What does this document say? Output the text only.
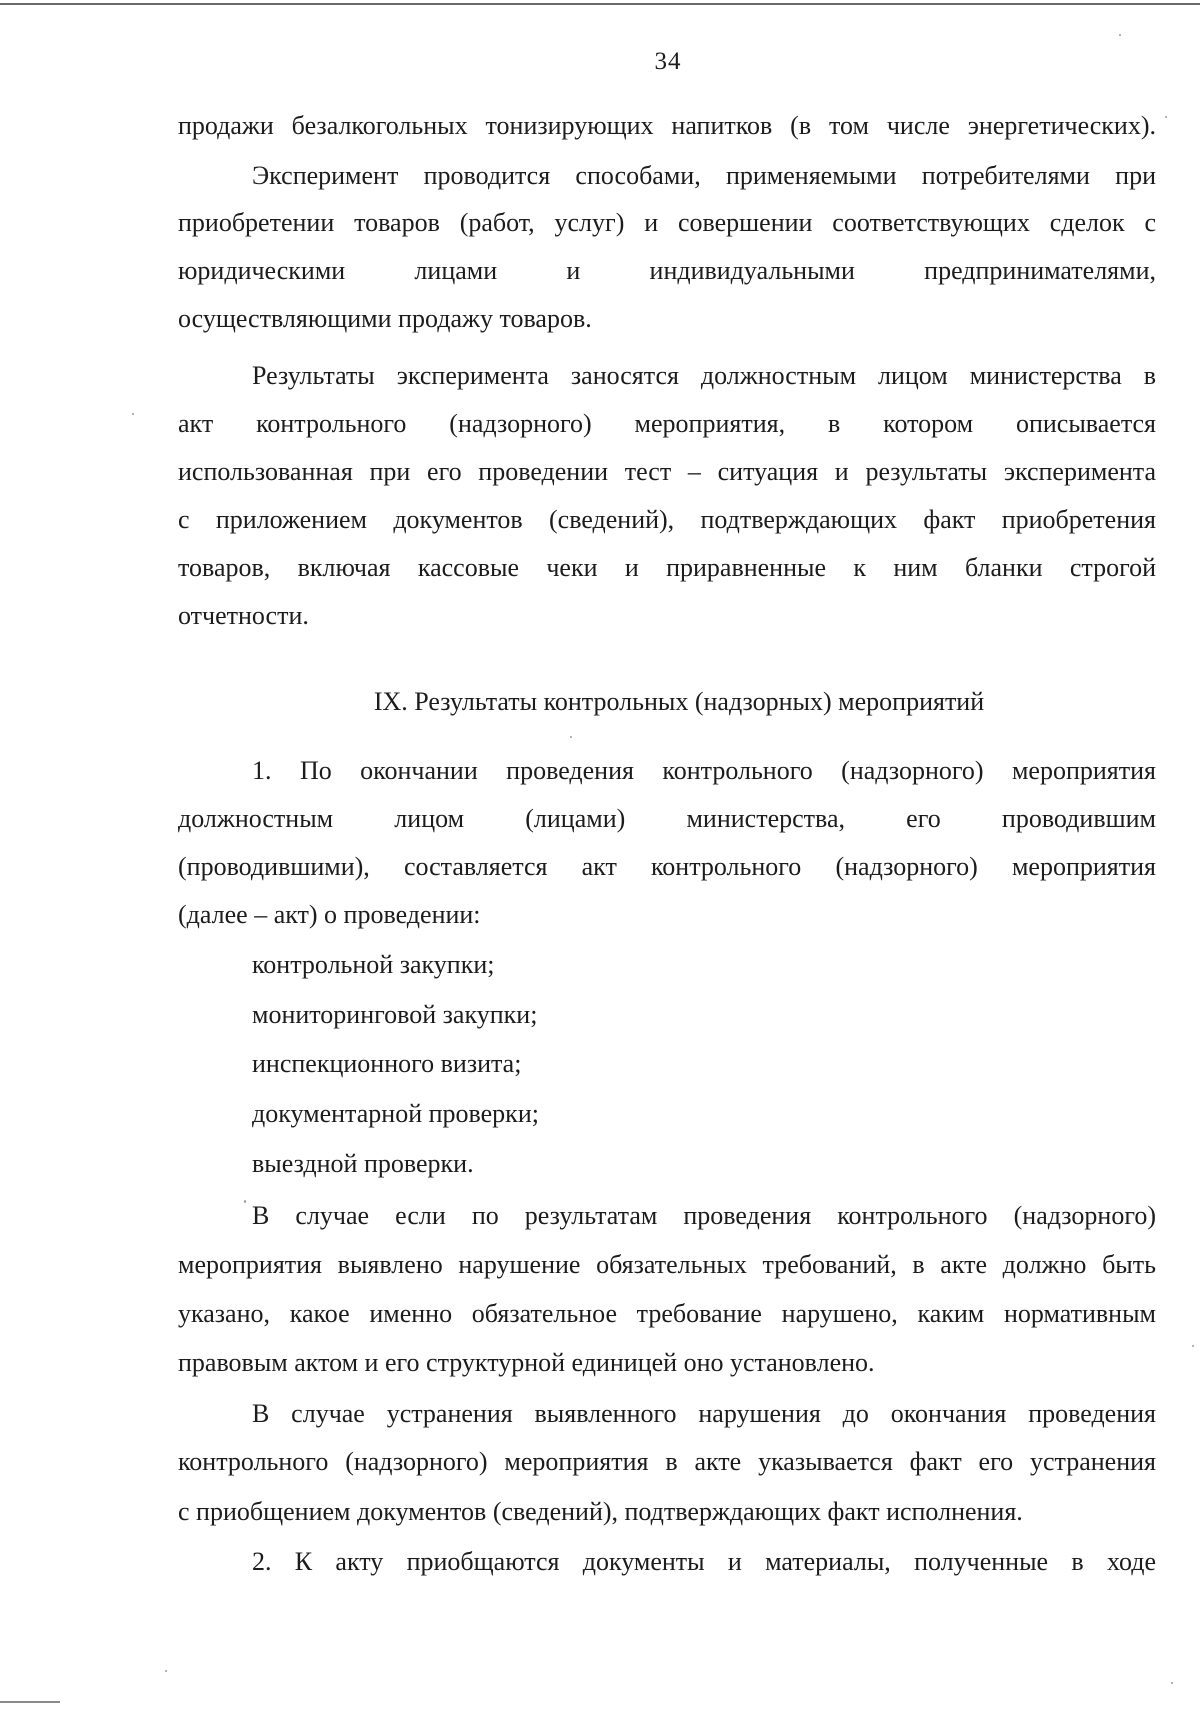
34
продажи безалкогольных тонизирующих напитков (в том числе энергетических).
Эксперимент проводится способами, применяемыми потребителями при
приобретении товаров (работ, услуг) и совершении соответствующих сделок с
юридическими лицами и индивидуальными предпринимателями,
осуществляющими продажу товаров.
Результаты эксперимента заносятся должностным лицом министерства в
акт контрольного (надзорного) мероприятия, в котором описывается
использованная при его проведении тест – ситуация и результаты эксперимента
с приложением документов (сведений), подтверждающих факт приобретения
товаров, включая кассовые чеки и приравненные к ним бланки строгой
отчетности.
IX. Результаты контрольных (надзорных) мероприятий
1. По окончании проведения контрольного (надзорного) мероприятия
должностным лицом (лицами) министерства, его проводившим
(проводившими), составляется акт контрольного (надзорного) мероприятия
(далее – акт) о проведении:
контрольной закупки;
мониторинговой закупки;
инспекционного визита;
документарной проверки;
выездной проверки.
В случае если по результатам проведения контрольного (надзорного)
мероприятия выявлено нарушение обязательных требований, в акте должно быть
указано, какое именно обязательное требование нарушено, каким нормативным
правовым актом и его структурной единицей оно установлено.
В случае устранения выявленного нарушения до окончания проведения
контрольного (надзорного) мероприятия в акте указывается факт его устранения
с приобщением документов (сведений), подтверждающих факт исполнения.
2. К акту приобщаются документы и материалы, полученные в ходе
